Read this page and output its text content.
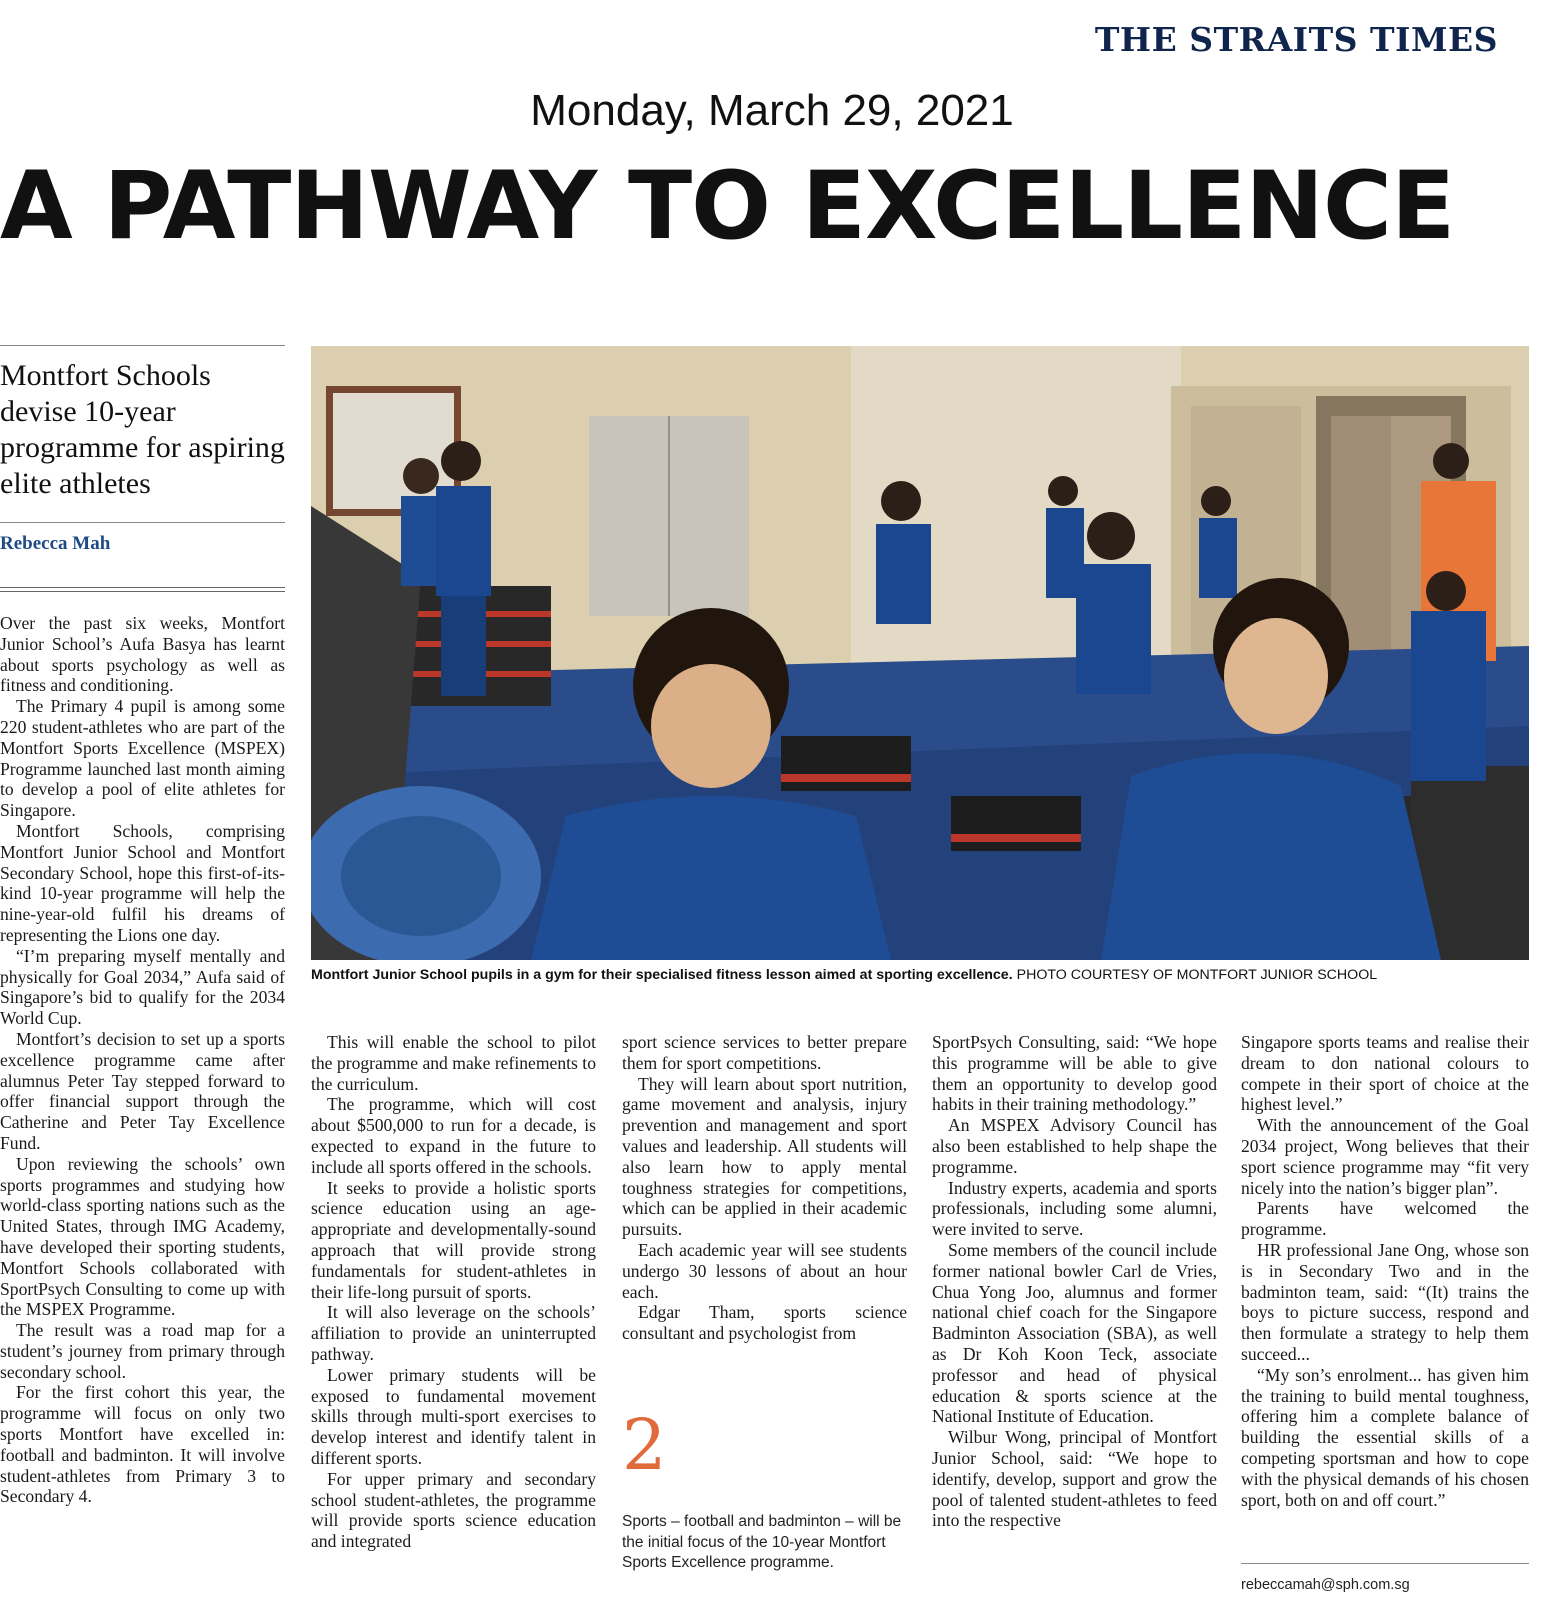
THE STRAITS TIMES
Monday, March 29, 2021
A PATHWAY TO EXCELLENCE
Montfort Schools devise 10-year programme for aspiring elite athletes
Rebecca Mah
Montfort Junior School pupils in a gym for their specialised fitness lesson aimed at sporting excellence. PHOTO COURTESY OF MONTFORT JUNIOR SCHOOL

Over the past six weeks, Montfort Junior School’s Aufa Basya has learnt about sports psychology as well as fitness and conditioning.

The Primary 4 pupil is among some 220 student-athletes who are part of the Montfort Sports Excellence (MSPEX) Programme launched last month aiming to develop a pool of elite athletes for Singapore.

Montfort Schools, comprising Montfort Junior School and Montfort Secondary School, hope this first-of-its-kind 10-year programme will help the nine-year-old fulfil his dreams of representing the Lions one day.

“I’m preparing myself mentally and physically for Goal 2034,” Aufa said of Singapore’s bid to qualify for the 2034 World Cup.

Montfort’s decision to set up a sports excellence programme came after alumnus Peter Tay stepped forward to offer financial support through the Catherine and Peter Tay Excellence Fund.

Upon reviewing the schools’ own sports programmes and studying how world-class sporting nations such as the United States, through IMG Academy, have developed their sporting students, Montfort Schools collaborated with SportPsych Consulting to come up with the MSPEX Programme.

The result was a road map for a student’s journey from primary through secondary school.

For the first cohort this year, the programme will focus on only two sports Montfort have excelled in: football and badminton. It will involve student-athletes from Primary 3 to Secondary 4.

This will enable the school to pilot the programme and make refinements to the curriculum.

The programme, which will cost about $500,000 to run for a decade, is expected to expand in the future to include all sports offered in the schools.

It seeks to provide a holistic sports science education using an age-appropriate and developmentally-sound approach that will provide strong fundamentals for student-athletes in their life-long pursuit of sports.

It will also leverage on the schools’ affiliation to provide an uninterrupted pathway.

Lower primary students will be exposed to fundamental movement skills through multi-sport exercises to develop interest and identify talent in different sports.

For upper primary and secondary school student-athletes, the programme will provide sports science education and integrated

sport science services to better prepare them for sport competitions.

They will learn about sport nutrition, game movement and analysis, injury prevention and management and sport values and leadership. All students will also learn how to apply mental toughness strategies for competitions, which can be applied in their academic pursuits.

Each academic year will see students undergo 30 lessons of about an hour each.

Edgar Tham, sports science consultant and psychologist from

2
Sports – football and badminton – will be the initial focus of the 10-year Montfort Sports Excellence programme.

SportPsych Consulting, said: “We hope this programme will be able to give them an opportunity to develop good habits in their training methodology.”

An MSPEX Advisory Council has also been established to help shape the programme.

Industry experts, academia and sports professionals, including some alumni, were invited to serve.

Some members of the council include former national bowler Carl de Vries, Chua Yong Joo, alumnus and former national chief coach for the Singapore Badminton Association (SBA), as well as Dr Koh Koon Teck, associate professor and head of physical education & sports science at the National Institute of Education.

Wilbur Wong, principal of Montfort Junior School, said: “We hope to identify, develop, support and grow the pool of talented student-athletes to feed into the respective

Singapore sports teams and realise their dream to don national colours to compete in their sport of choice at the highest level.”

With the announcement of the Goal 2034 project, Wong believes that their sport science programme may “fit very nicely into the nation’s bigger plan”.

Parents have welcomed the programme.

HR professional Jane Ong, whose son is in Secondary Two and in the badminton team, said: “(It) trains the boys to picture success, respond and then formulate a strategy to help them succeed...

“My son’s enrolment... has given him the training to build mental toughness, offering him a complete balance of building the essential skills of a competing sportsman and how to cope with the physical demands of his chosen sport, both on and off court.”

rebeccamah@sph.com.sg
